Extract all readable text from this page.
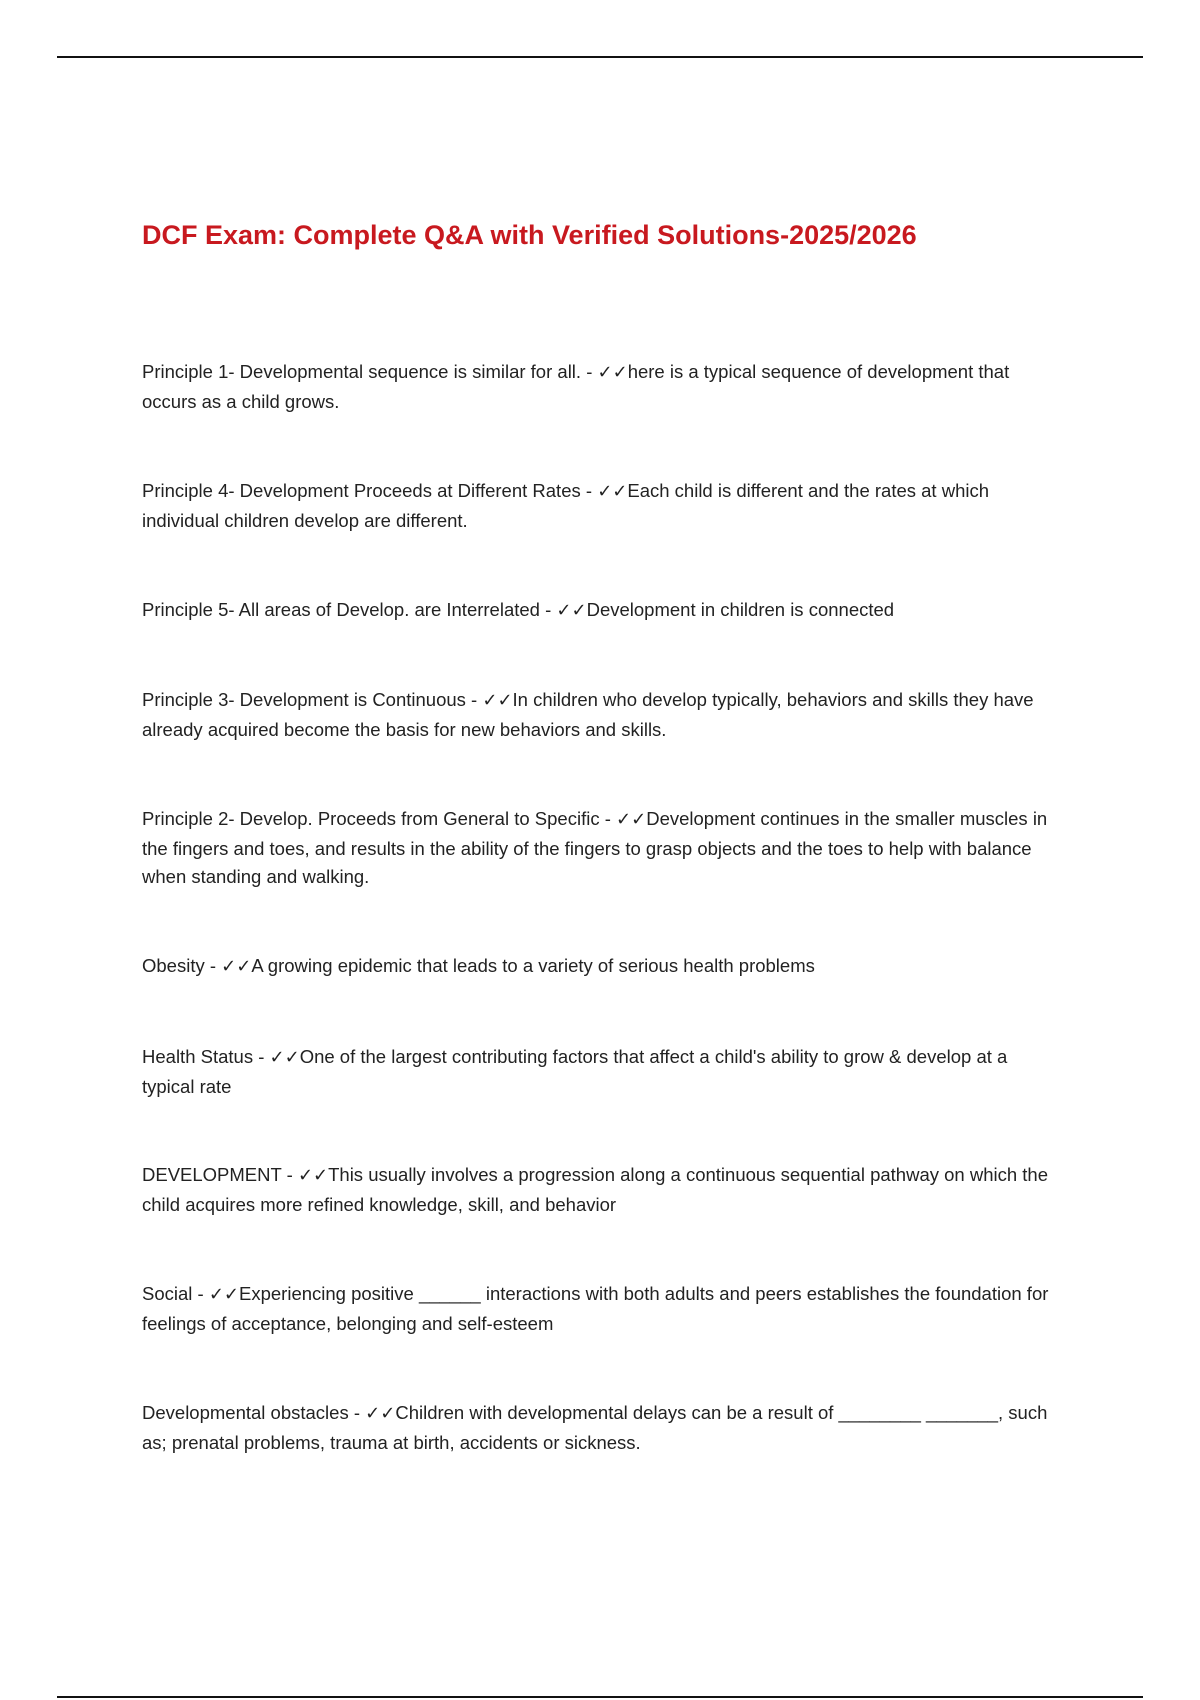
DCF Exam: Complete Q&A with Verified Solutions-2025/2026

Principle 1- Developmental sequence is similar for all. - ✓✓here is a typical sequence of development that occurs as a child grows.

Principle 4- Development Proceeds at Different Rates - ✓✓Each child is different and the rates at which individual children develop are different.

Principle 5- All areas of Develop. are Interrelated - ✓✓Development in children is connected

Principle 3- Development is Continuous - ✓✓In children who develop typically, behaviors and skills they have already acquired become the basis for new behaviors and skills.

Principle 2- Develop. Proceeds from General to Specific - ✓✓Development continues in the smaller muscles in the fingers and toes, and results in the ability of the fingers to grasp objects and the toes to help with balance when standing and walking.

Obesity - ✓✓A growing epidemic that leads to a variety of serious health problems

Health Status - ✓✓One of the largest contributing factors that affect a child's ability to grow & develop at a typical rate

DEVELOPMENT - ✓✓This usually involves a progression along a continuous sequential pathway on which the child acquires more refined knowledge, skill, and behavior

Social - ✓✓Experiencing positive ______ interactions with both adults and peers establishes the foundation for feelings of acceptance, belonging and self-esteem

Developmental obstacles - ✓✓Children with developmental delays can be a result of ________ _______, such as; prenatal problems, trauma at birth, accidents or sickness.
